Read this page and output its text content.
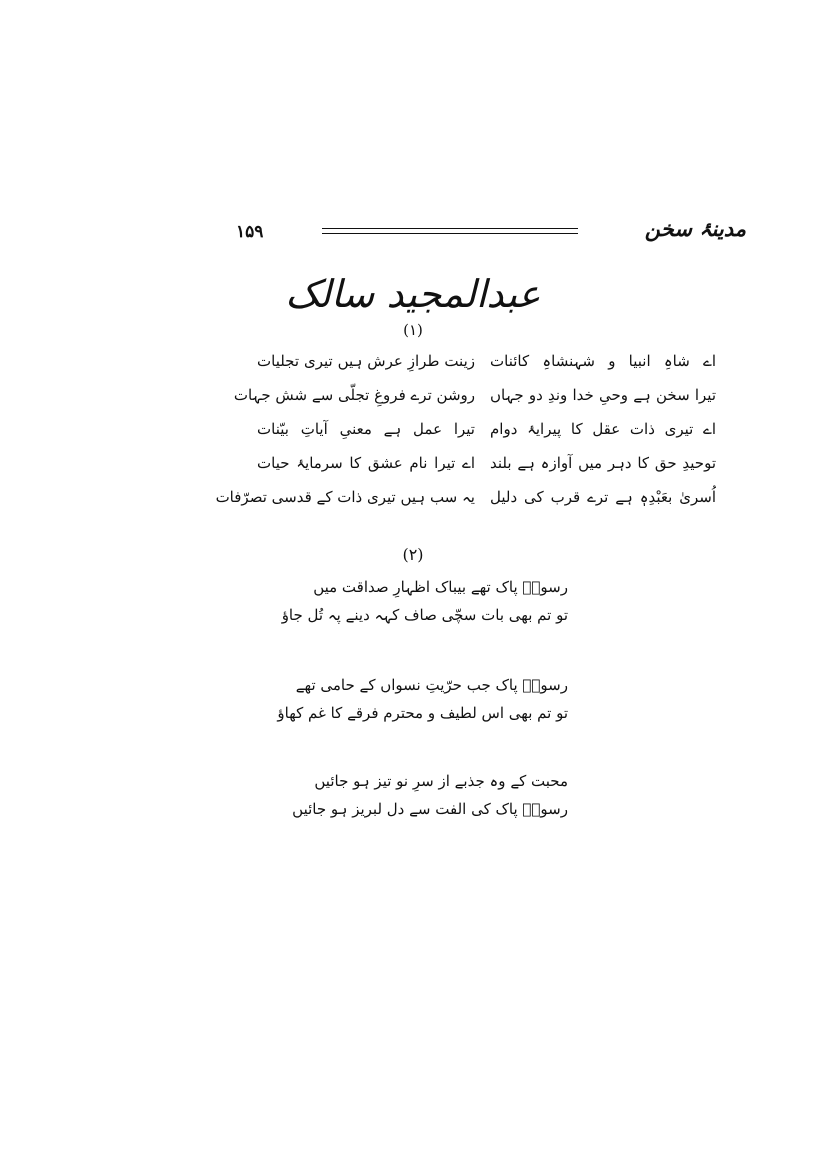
۱۵۹	مدینۂ سخن
عبدالمجید سالک
(۱)
اے شاہِ انبیا و شہنشاہِ کائنات
زینت طرازِ عرش ہیں تیری تجلیات
تیرا سخن ہے وحیِ خدا وندِ دو جہاں
روشن ترے فروغِ تجلّی سے شش جہات
اے تیری ذات عقل کا پیرایۂ دوام
تیرا عمل ہے معنیِ آیاتِ بیّنات
توحیدِ حق کا دہر میں آوازہ ہے بلند
اے تیرا نام عشق کا سرمایۂ حیات
اُسریٰ بعَبْدِہٖ ہے ترے قرب کی دلیل
یہ سب ہیں تیری ذات کے قدسی تصرّفات
(۲)
رسولؐ پاک تھے بیباک اظہارِ صداقت میں
تو تم بھی بات سچّی صاف کہہ دینے پہ تُل جاؤ
رسولؐ پاک جب حرّیتِ نسواں کے حامی تھے
تو تم بھی اس لطیف و محترم فرقے کا غم کھاؤ
محبت کے وہ جذبے از سرِ نو تیز ہو جائیں
رسولؐ پاک کی الفت سے دل لبریز ہو جائیں
